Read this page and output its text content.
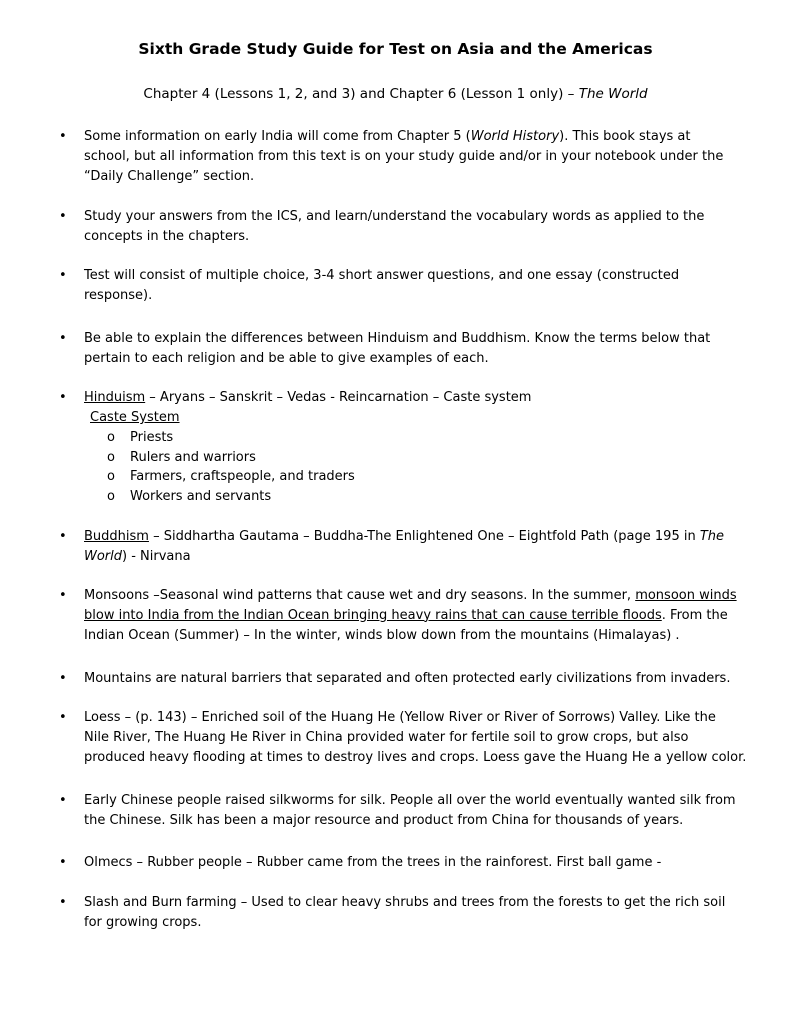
Sixth Grade Study Guide for Test on Asia and the Americas
Chapter 4 (Lessons 1, 2, and 3) and Chapter 6 (Lesson 1 only) – The World
• Some information on early India will come from Chapter 5 (World History). This book stays at
school, but all information from this text is on your study guide and/or in your notebook under the
“Daily Challenge” section.
• Study your answers from the ICS, and learn/understand the vocabulary words as applied to the
concepts in the chapters.
• Test will consist of multiple choice, 3-4 short answer questions, and one essay (constructed
response).
• Be able to explain the differences between Hinduism and Buddhism. Know the terms below that
pertain to each religion and be able to give examples of each.
• Hinduism – Aryans – Sanskrit – Vedas - Reincarnation – Caste system
Caste System
o Priests
o Rulers and warriors
o Farmers, craftspeople, and traders
o Workers and servants
• Buddhism – Siddhartha Gautama – Buddha-The Enlightened One – Eightfold Path (page 195 in The
World) - Nirvana
• Monsoons –Seasonal wind patterns that cause wet and dry seasons. In the summer, monsoon winds
blow into India from the Indian Ocean bringing heavy rains that can cause terrible floods. From the
Indian Ocean (Summer) – In the winter, winds blow down from the mountains (Himalayas) .
• Mountains are natural barriers that separated and often protected early civilizations from invaders.
• Loess – (p. 143) – Enriched soil of the Huang He (Yellow River or River of Sorrows) Valley. Like the
Nile River, The Huang He River in China provided water for fertile soil to grow crops, but also
produced heavy flooding at times to destroy lives and crops. Loess gave the Huang He a yellow color.
• Early Chinese people raised silkworms for silk. People all over the world eventually wanted silk from
the Chinese. Silk has been a major resource and product from China for thousands of years.
• Olmecs – Rubber people – Rubber came from the trees in the rainforest. First ball game -
• Slash and Burn farming – Used to clear heavy shrubs and trees from the forests to get the rich soil
for growing crops.
